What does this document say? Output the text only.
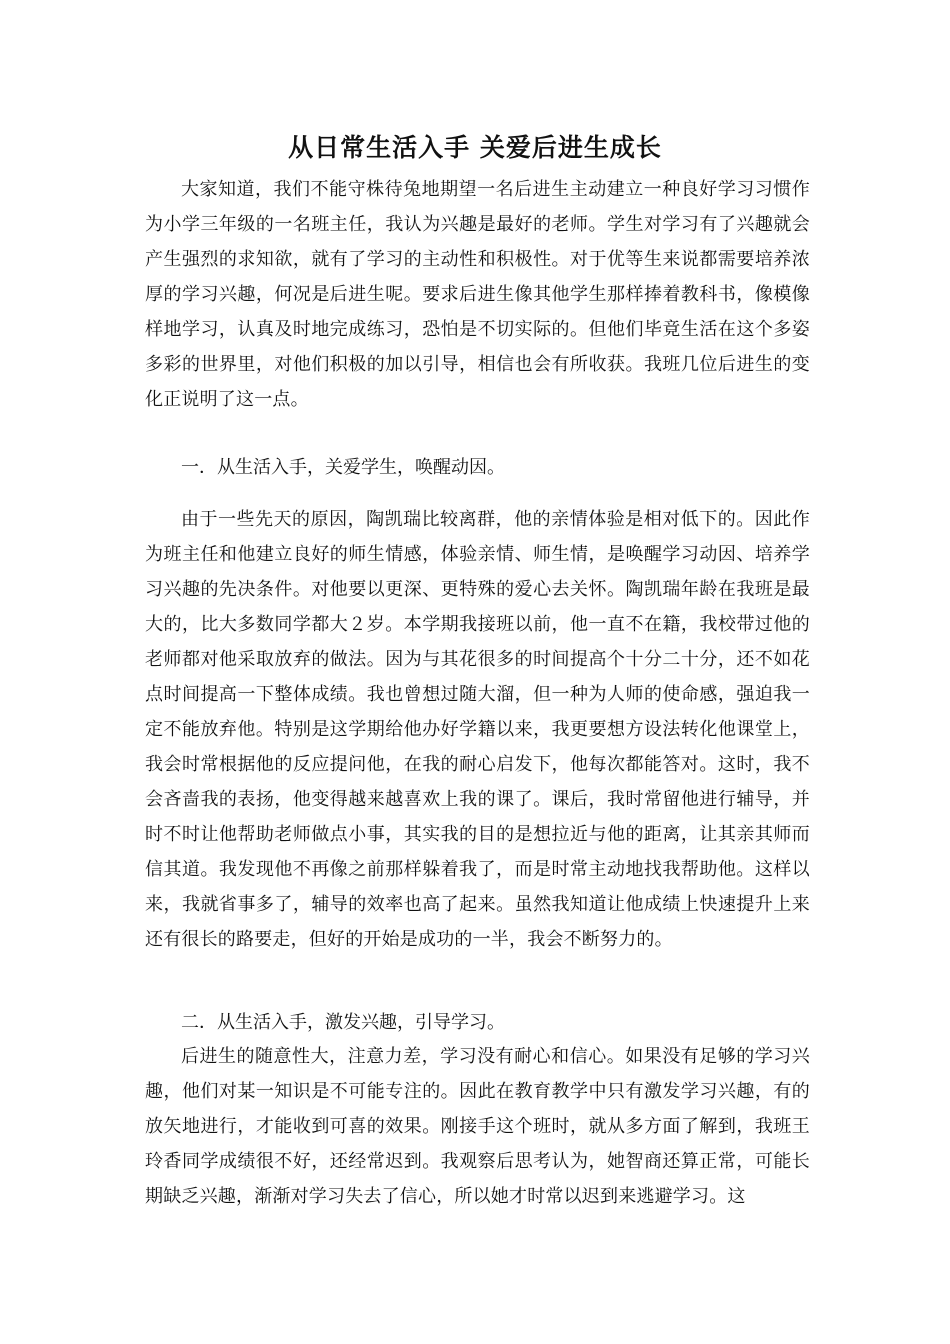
从日常生活入手 关爱后进生成长

大家知道，我们不能守株待兔地期望一名后进生主动建立一种良好学习习惯作为小学三年级的一名班主任，我认为兴趣是最好的老师。学生对学习有了兴趣就会产生强烈的求知欲，就有了学习的主动性和积极性。对于优等生来说都需要培养浓厚的学习兴趣，何况是后进生呢。要求后进生像其他学生那样捧着教科书，像模像样地学习，认真及时地完成练习，恐怕是不切实际的。但他们毕竟生活在这个多姿多彩的世界里，对他们积极的加以引导，相信也会有所收获。我班几位后进生的变化正说明了这一点。

一．从生活入手，关爱学生，唤醒动因。

由于一些先天的原因，陶凯瑞比较离群，他的亲情体验是相对低下的。因此作为班主任和他建立良好的师生情感，体验亲情、师生情，是唤醒学习动因、培养学习兴趣的先决条件。对他要以更深、更特殊的爱心去关怀。陶凯瑞年龄在我班是最大的，比大多数同学都大２岁。本学期我接班以前，他一直不在籍，我校带过他的老师都对他采取放弃的做法。因为与其花很多的时间提高个十分二十分，还不如花点时间提高一下整体成绩。我也曾想过随大溜，但一种为人师的使命感，强迫我一定不能放弃他。特别是这学期给他办好学籍以来，我更要想方设法转化他课堂上，我会时常根据他的反应提问他，在我的耐心启发下，他每次都能答对。这时，我不会吝啬我的表扬，他变得越来越喜欢上我的课了。课后，我时常留他进行辅导，并时不时让他帮助老师做点小事，其实我的目的是想拉近与他的距离，让其亲其师而信其道。我发现他不再像之前那样躲着我了，而是时常主动地找我帮助他。这样以来，我就省事多了，辅导的效率也高了起来。虽然我知道让他成绩上快速提升上来还有很长的路要走，但好的开始是成功的一半，我会不断努力的。

二．从生活入手，激发兴趣，引导学习。

后进生的随意性大，注意力差，学习没有耐心和信心。如果没有足够的学习兴趣，他们对某一知识是不可能专注的。因此在教育教学中只有激发学习兴趣，有的放矢地进行，才能收到可喜的效果。刚接手这个班时，就从多方面了解到，我班王玲香同学成绩很不好，还经常迟到。我观察后思考认为，她智商还算正常，可能长期缺乏兴趣，渐渐对学习失去了信心，所以她才时常以迟到来逃避学习。这
